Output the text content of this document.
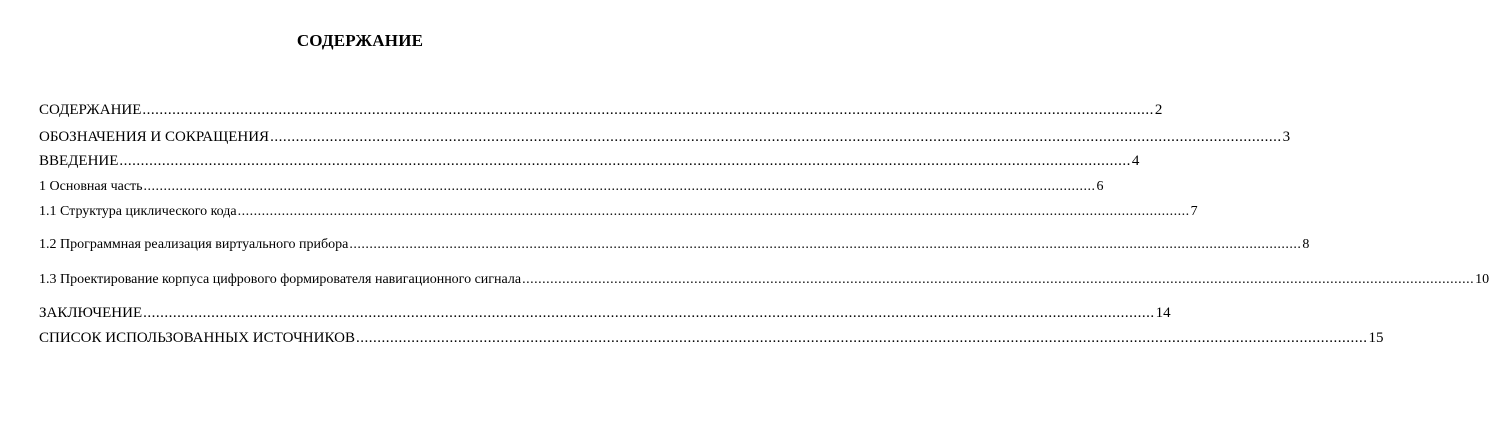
СОДЕРЖАНИЕ
СОДЕРЖАНИЕ .............................................................................................................................................................................................................................................. 2
ОБОЗНАЧЕНИЯ И СОКРАЩЕНИЯ .............................................................................................................................................................................................................................................. 3
ВВЕДЕНИЕ .............................................................................................................................................................................................................................................. 4
1 Основная часть .............................................................................................................................................................................................................................................. 6
1.1 Структура циклического кода .............................................................................................................................................................................................................................................. 7
1.2 Программная реализация виртуального прибора .............................................................................................................................................................................................................................................. 8
1.3 Проектирование корпуса цифрового формирователя навигационного сигнала .............................................................................................................................................................................................................................................. 10
ЗАКЛЮЧЕНИЕ .............................................................................................................................................................................................................................................. 14
СПИСОК ИСПОЛЬЗОВАННЫХ ИСТОЧНИКОВ .............................................................................................................................................................................................................................................. 15
